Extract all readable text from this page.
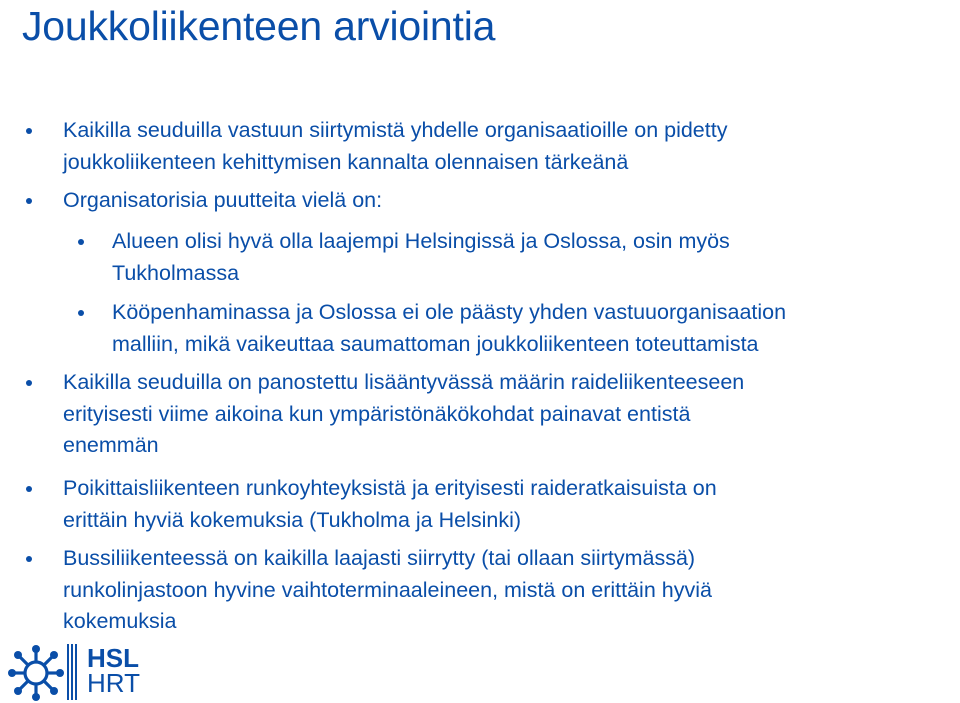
Joukkoliikenteen arviointia
Kaikilla seuduilla vastuun siirtymistä yhdelle organisaatioille on pidetty
joukkoliikenteen kehittymisen kannalta olennaisen tärkeänä
Organisatorisia puutteita vielä on:
Alueen olisi hyvä olla laajempi Helsingissä ja Oslossa, osin myös
Tukholmassa
Kööpenhaminassa ja Oslossa ei ole päästy yhden vastuuorganisaation
malliin, mikä vaikeuttaa saumattoman joukkoliikenteen toteuttamista
Kaikilla seuduilla on panostettu lisääntyvässä määrin raideliikenteeseen
erityisesti viime aikoina kun ympäristönäkökohdat painavat entistä
enemmän
Poikittaisliikenteen runkoyhteyksistä ja erityisesti raideratkaisuista on
erittäin hyviä kokemuksia (Tukholma ja Helsinki)
Bussiliikenteessä on kaikilla laajasti siirrytty (tai ollaan siirtymässä)
runkolinjastoon hyvine vaihtoterminaaleineen, mistä on erittäin hyviä
kokemuksia
HSL
HRT
